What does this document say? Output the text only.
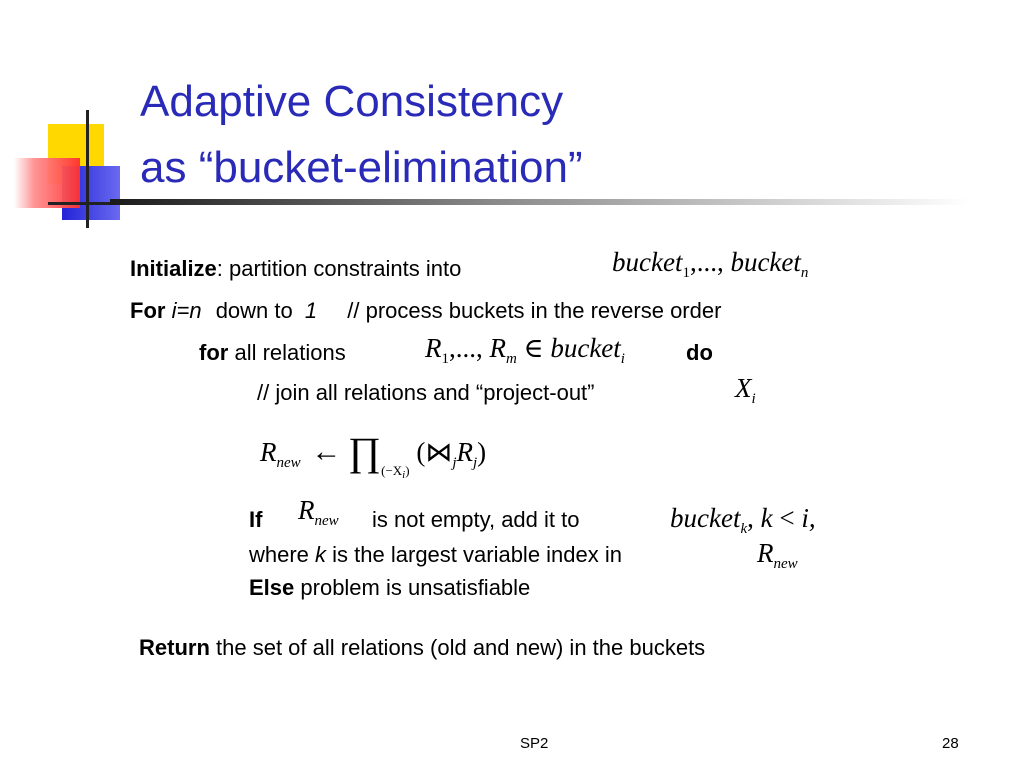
Adaptive Consistency
as “bucket-elimination”
Initialize: partition constraints into	bucket$_1$,..., bucket$_n$
For i=n down to 1 // process buckets in the reverse order
for all relations	$R_1$,..., $R_m$ ∈ bucket$_i$	do
// join all relations and “project-out”	$X_i$
$R_{new}$ ← $\prod_{(-X_i)}$ $(⋈_jR_j)$
If $R_{new}$ is not empty, add it to	bucket$_k$, k < i,
where k is the largest variable index in	$R_{new}$
Else problem is unsatisfiable
Return the set of all relations (old and new) in the buckets
SP2	28
